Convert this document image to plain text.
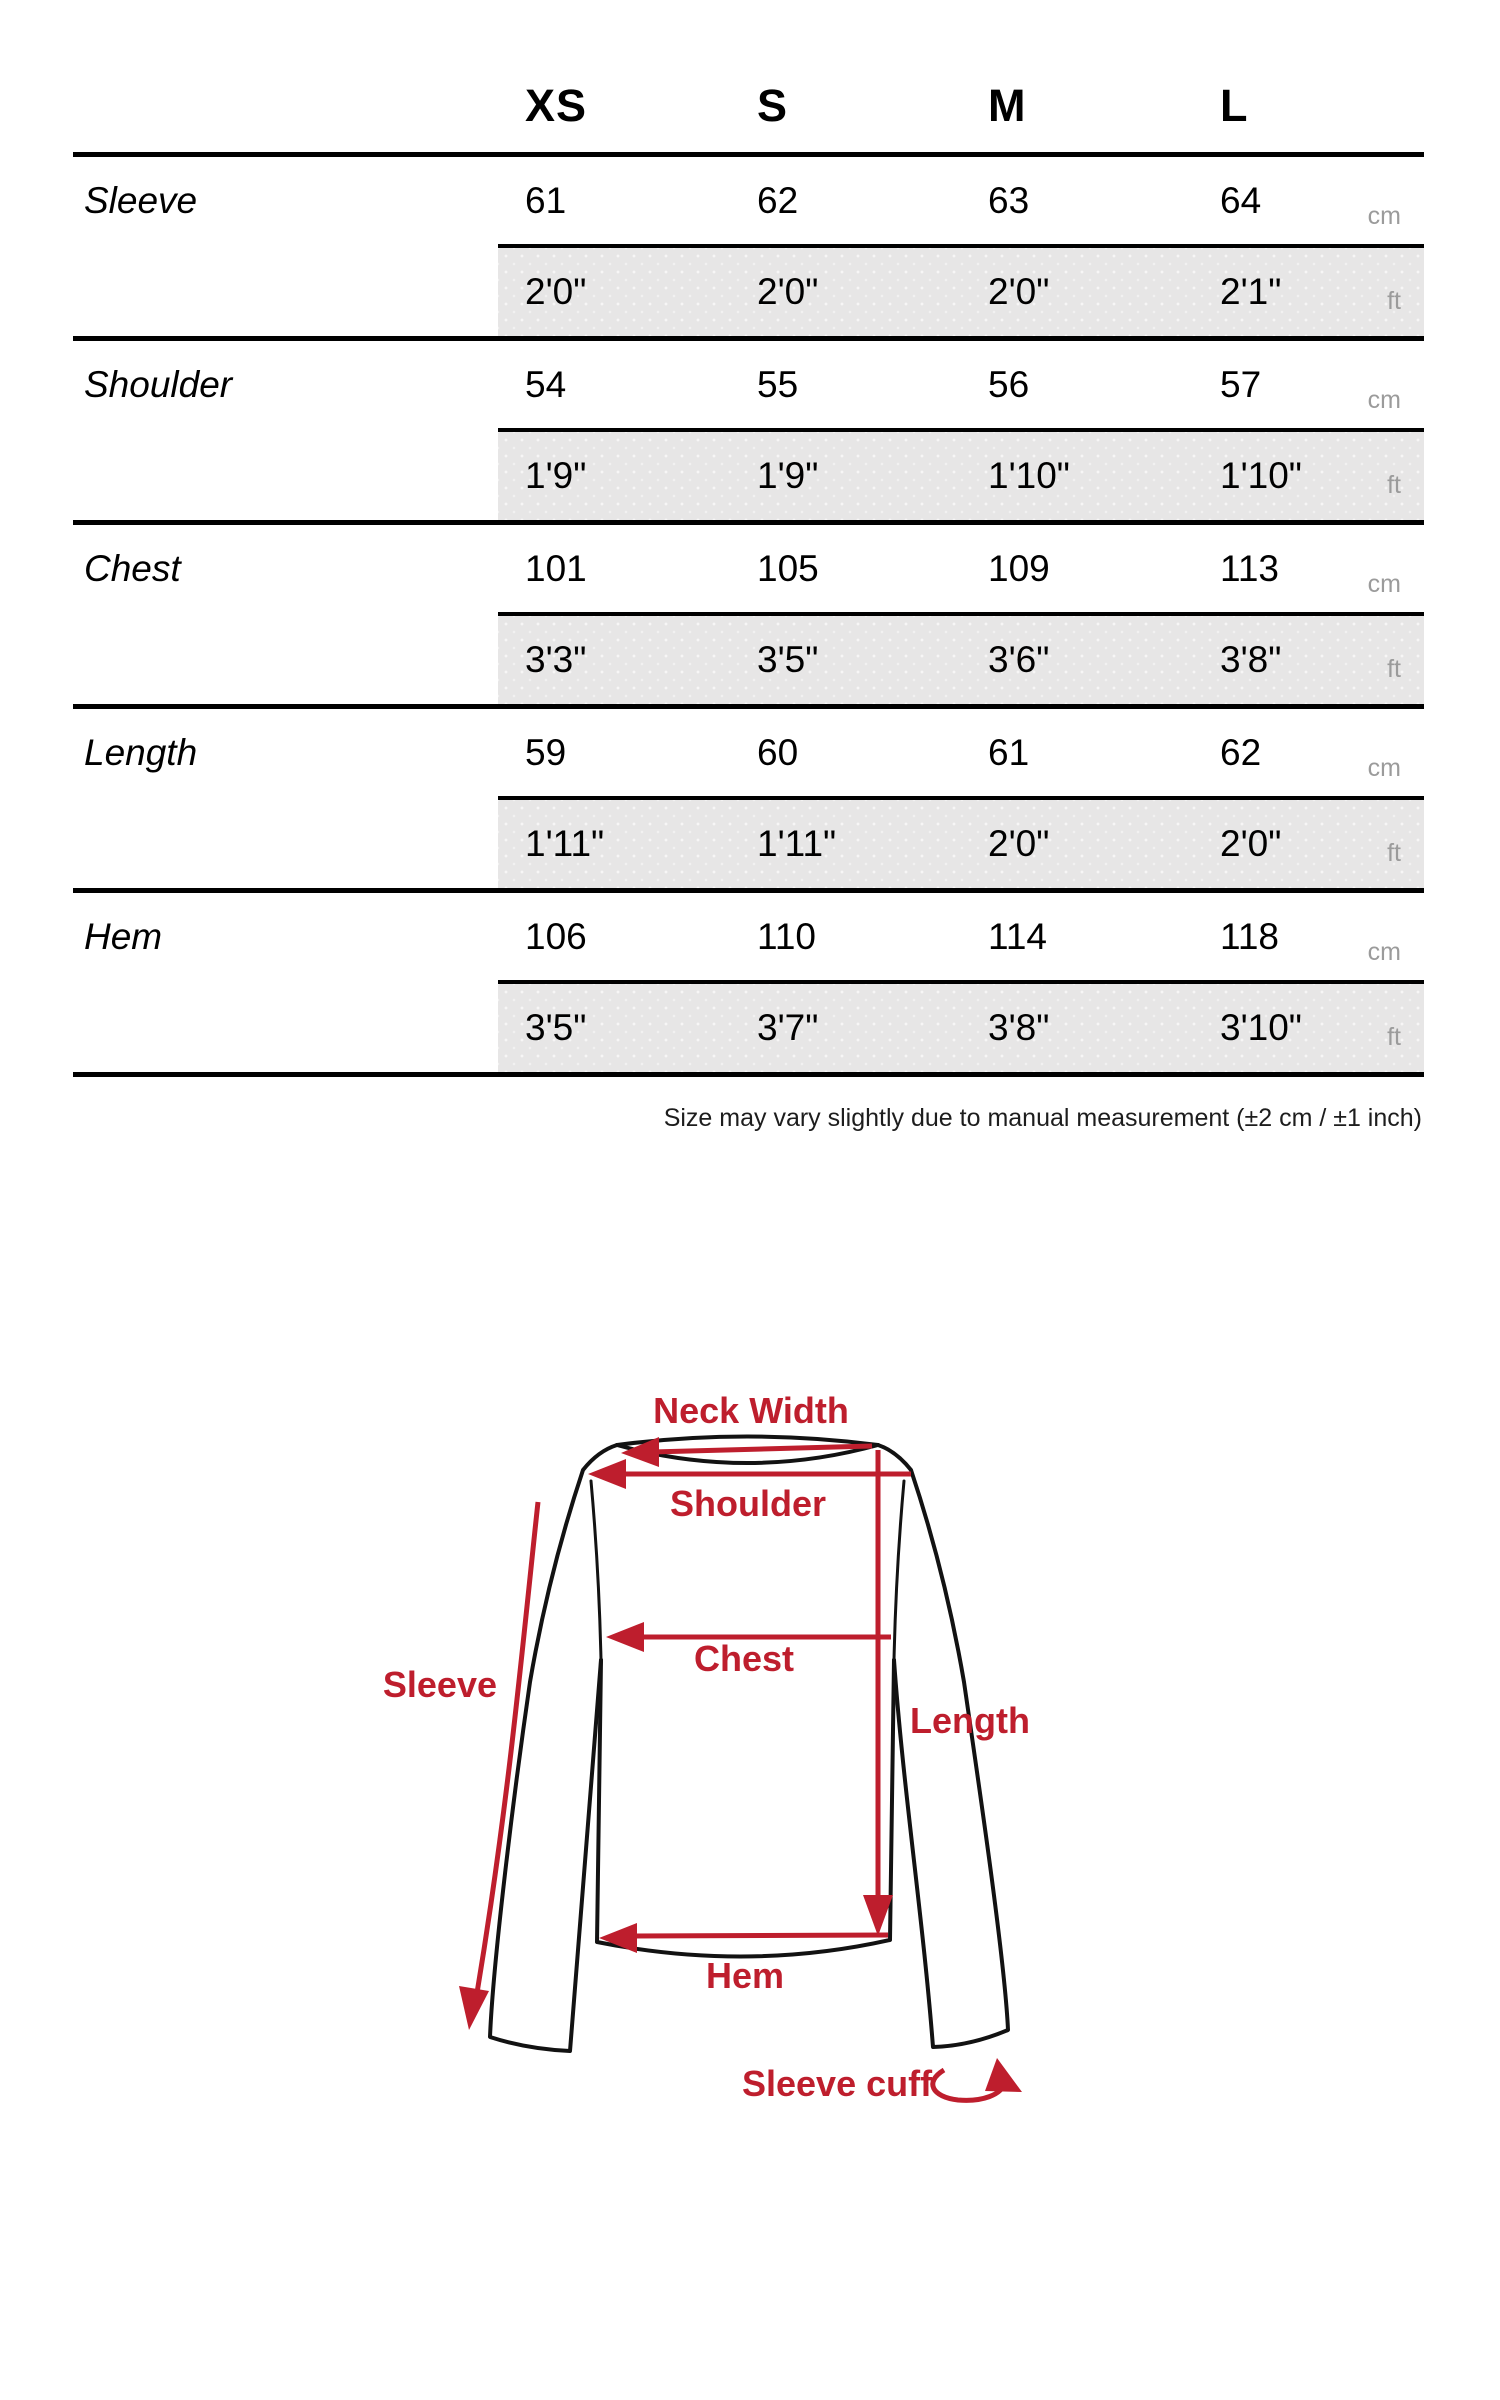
XS	S	M	L
Sleeve	61	62	63	64	cm
2'0"	2'0"	2'0"	2'1"	ft
Shoulder	54	55	56	57	cm
1'9"	1'9"	1'10"	1'10"	ft
Chest	101	105	109	113	cm
3'3"	3'5"	3'6"	3'8"	ft
Length	59	60	61	62	cm
1'11"	1'11"	2'0"	2'0"	ft
Hem	106	110	114	118	cm
3'5"	3'7"	3'8"	3'10"	ft
Size may vary slightly due to manual measurement (±2 cm / ±1 inch)
Neck Width
Shoulder
Chest
Sleeve
Length
Hem
Sleeve cuff
